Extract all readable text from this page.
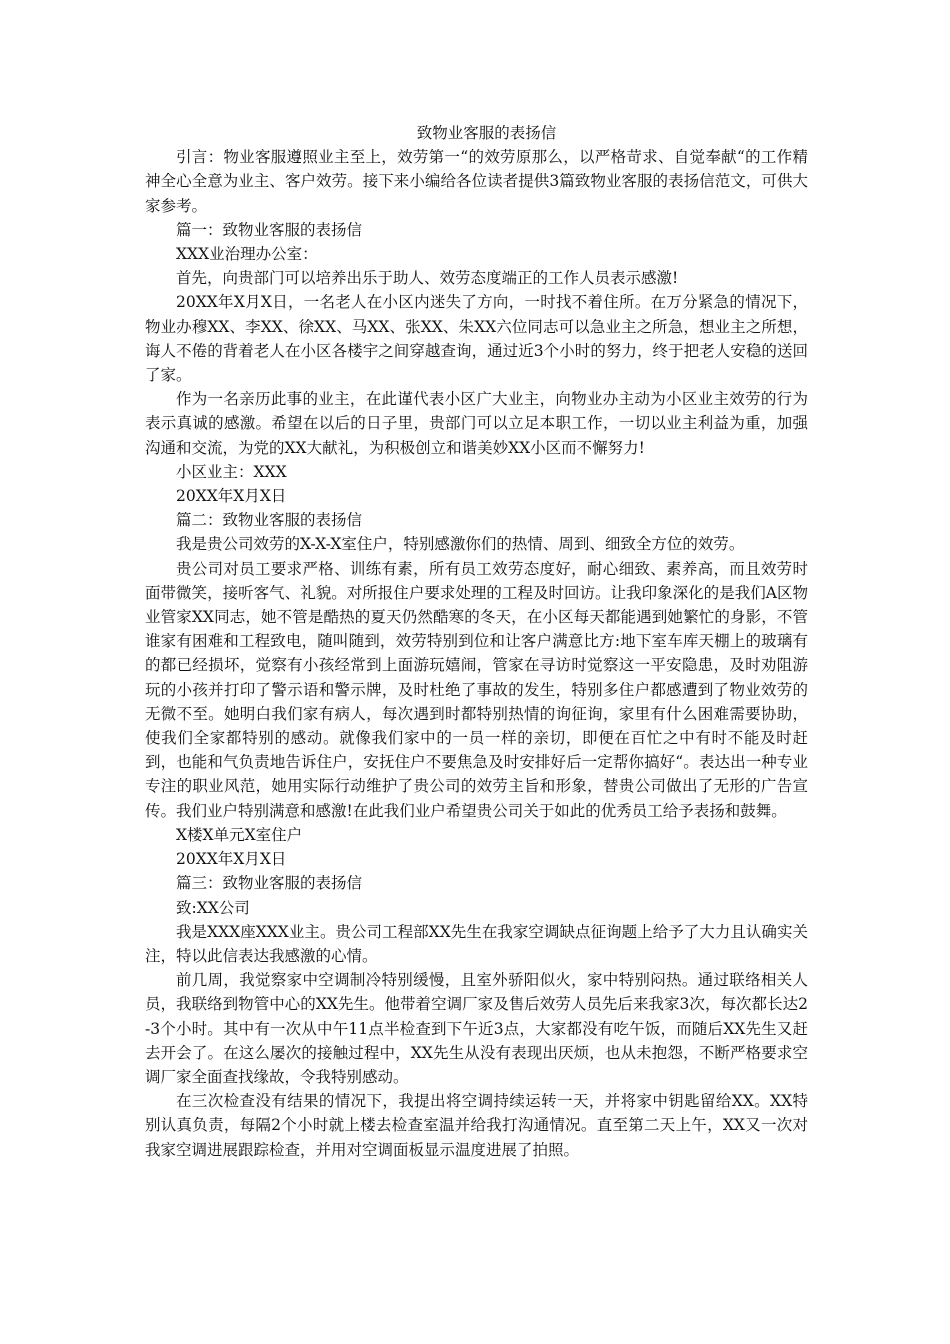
致物业客服的表扬信

引言：物业客服遵照业主至上，效劳第一“的效劳原那么，以严格苛求、自觉奉献“的工作精神全心全意为业主、客户效劳。接下来小编给各位读者提供3篇致物业客服的表扬信范文，可供大家参考。

篇一：致物业客服的表扬信

XXX业治理办公室：

首先，向贵部门可以培养出乐于助人、效劳态度端正的工作人员表示感激!

20XX年X月X日，一名老人在小区内迷失了方向，一时找不着住所。在万分紧急的情况下，物业办穆XX、李XX、徐XX、马XX、张XX、朱XX六位同志可以急业主之所急，想业主之所想，诲人不倦的背着老人在小区各楼宇之间穿越查询，通过近3个小时的努力，终于把老人安稳的送回了家。

作为一名亲历此事的业主，在此谨代表小区广大业主，向物业办主动为小区业主效劳的行为表示真诚的感激。希望在以后的日子里，贵部门可以立足本职工作，一切以业主利益为重，加强沟通和交流，为党的XX大献礼，为积极创立和谐美妙XX小区而不懈努力!

小区业主：XXX

20XX年X月X日

篇二：致物业客服的表扬信

我是贵公司效劳的X-X-X室住户，特别感激你们的热情、周到、细致全方位的效劳。

贵公司对员工要求严格、训练有素，所有员工效劳态度好，耐心细致、素养高，而且效劳时面带微笑，接听客气、礼貌。对所报住户要求处理的工程及时回访。让我印象深化的是我们A区物业管家XX同志，她不管是酷热的夏天仍然酷寒的冬天，在小区每天都能遇到她繁忙的身影，不管谁家有困难和工程致电，随叫随到，效劳特别到位和让客户满意比方:地下室车库天棚上的玻璃有的都已经损坏，觉察有小孩经常到上面游玩嬉闹，管家在寻访时觉察这一平安隐患，及时劝阻游玩的小孩并打印了警示语和警示牌，及时杜绝了事故的发生，特别多住户都感遭到了物业效劳的无微不至。她明白我们家有病人，每次遇到时都特别热情的询征询，家里有什么困难需要协助，使我们全家都特别的感动。就像我们家中的一员一样的亲切，即便在百忙之中有时不能及时赶到，也能和气负责地告诉住户，安抚住户不要焦急及时安排好后一定帮你搞好“。表达出一种专业专注的职业风范，她用实际行动维护了贵公司的效劳主旨和形象，替贵公司做出了无形的广告宣传。我们业户特别满意和感激!在此我们业户希望贵公司关于如此的优秀员工给予表扬和鼓舞。

X楼X单元X室住户

20XX年X月X日

篇三：致物业客服的表扬信

致:XX公司

我是XXX座XXX业主。贵公司工程部XX先生在我家空调缺点征询题上给予了大力且认确实关注，特以此信表达我感激的心情。

前几周，我觉察家中空调制冷特别缓慢，且室外骄阳似火，家中特别闷热。通过联络相关人员，我联络到物管中心的XX先生。他带着空调厂家及售后效劳人员先后来我家3次，每次都长达2-3个小时。其中有一次从中午11点半检查到下午近3点，大家都没有吃午饭，而随后XX先生又赶去开会了。在这么屡次的接触过程中，XX先生从没有表现出厌烦，也从未抱怨，不断严格要求空调厂家全面查找缘故，令我特别感动。

在三次检查没有结果的情况下，我提出将空调持续运转一天，并将家中钥匙留给XX。XX特别认真负责，每隔2个小时就上楼去检查室温并给我打沟通情况。直至第二天上午，XX又一次对我家空调进展跟踪检查，并用对空调面板显示温度进展了拍照。
